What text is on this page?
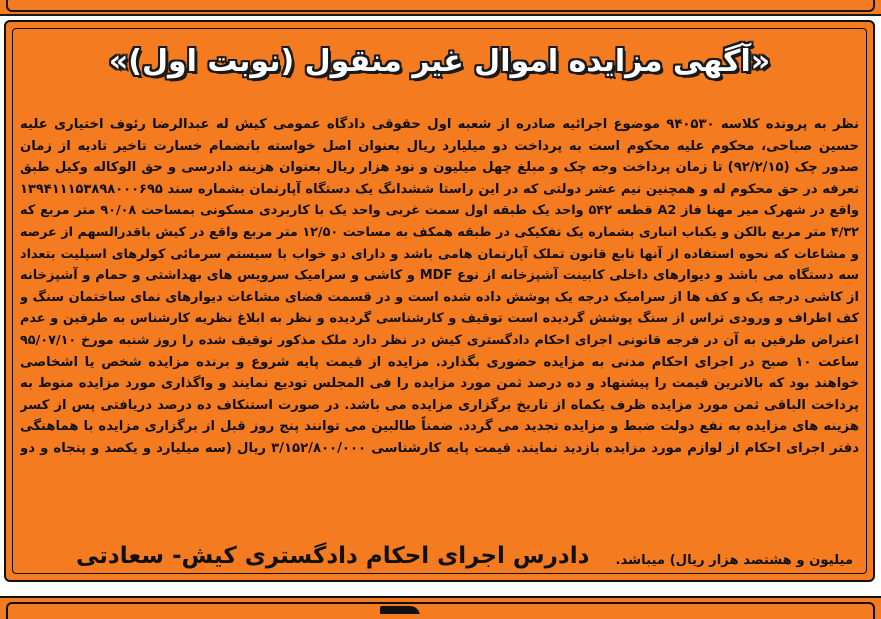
«آگهی مزایده اموال غیر منقول (نوبت اول)»
نظر به پرونده کلاسه ۹۴۰۵۳۰ موضوع اجرائیه صادره از شعبه اول حقوقی دادگاه عمومی کیش له عبدالرضا رئوف اختیاری علیه
حسین صباحی، محکوم علیه محکوم است به پرداخت دو میلیارد ریال بعنوان اصل خواسته بانضمام خسارت تاخیر تادیه از زمان
صدور چک (۹۲/۲/۱۵) تا زمان پرداخت وجه چک و مبلغ چهل میلیون و نود هزار ریال بعنوان هزینه دادرسی و حق الوکاله وکیل طبق
تعرفه در حق محکوم له و همچنین نیم عشر دولتی که در این راستا ششدانگ یک دستگاه آپارتمان بشماره سند ۱۳۹۴۱۱۱۵۳۸۹۸۰۰۰۶۹۵
واقع در شهرک میر مهنا فاز A2 قطعه ۵۴۲ واحد یک طبقه اول سمت غربی واحد یک با کاربردی مسکونی بمساحت ۹۰/۰۸ متر مربع که
۴/۳۲ متر مربع بالکن و یکباب انباری بشماره یک تفکیکی در طبقه همکف به مساحت ۱۲/۵۰ متر مربع واقع در کیش باقدرالسهم از عرصه
و مشاعات که نحوه استفاده از آنها تابع قانون تملک آپارتمان هامی باشد و دارای دو خواب با سیستم سرمائی کولرهای اسپلیت بتعداد
سه دستگاه می باشد و دیوارهای داخلی کابینت آشپزخانه از نوع MDF و کاشی و سرامیک سرویس های بهداشتی و حمام و آشپزخانه
از کاشی درجه یک و کف ها از سرامیک درجه یک پوشش داده شده است و در قسمت فضای مشاعات دیوارهای نمای ساختمان سنگ و
کف اطراف و ورودی تراس از سنگ پوشش گردیده است توقیف و کارشناسی گردیده و نظر به ابلاغ نظریه کارشناس به طرفین و عدم
اعتراض طرفین به آن در فرجه قانونی اجرای احکام دادگستری کیش در نظر دارد ملک مذکور توقیف شده را روز شنبه مورخ ۹۵/۰۷/۱۰
ساعت ۱۰ صبح در اجرای احکام مدنی به مزایده حضوری بگذارد. مزایده از قیمت پایه شروع و برنده مزایده شخص یا اشخاصی
خواهند بود که بالاترین قیمت را پیشنهاد و ده درصد ثمن مورد مزایده را فی المجلس تودیع نمایند و واگذاری مورد مزایده منوط به
پرداخت الباقی ثمن مورد مزایده ظرف یکماه از تاریخ برگزاری مزایده می باشد. در صورت استنکاف ده درصد دریافتی پس از کسر
هزینه های مزایده به نفع دولت ضبط و مزایده تجدید می گردد. ضمناً طالبین می توانند پنج روز قبل از برگزاری مزایده با هماهنگی
دفتر اجرای احکام از لوازم مورد مزایده بازدید نمایند. قیمت پایه کارشناسی ۳/۱۵۲/۸۰۰/۰۰۰ ریال (سه میلیارد و یکصد و پنجاه و دو
میلیون و هشتصد هزار ریال) میباشد.
دادرس اجرای احکام دادگستری کیش- سعادتی
